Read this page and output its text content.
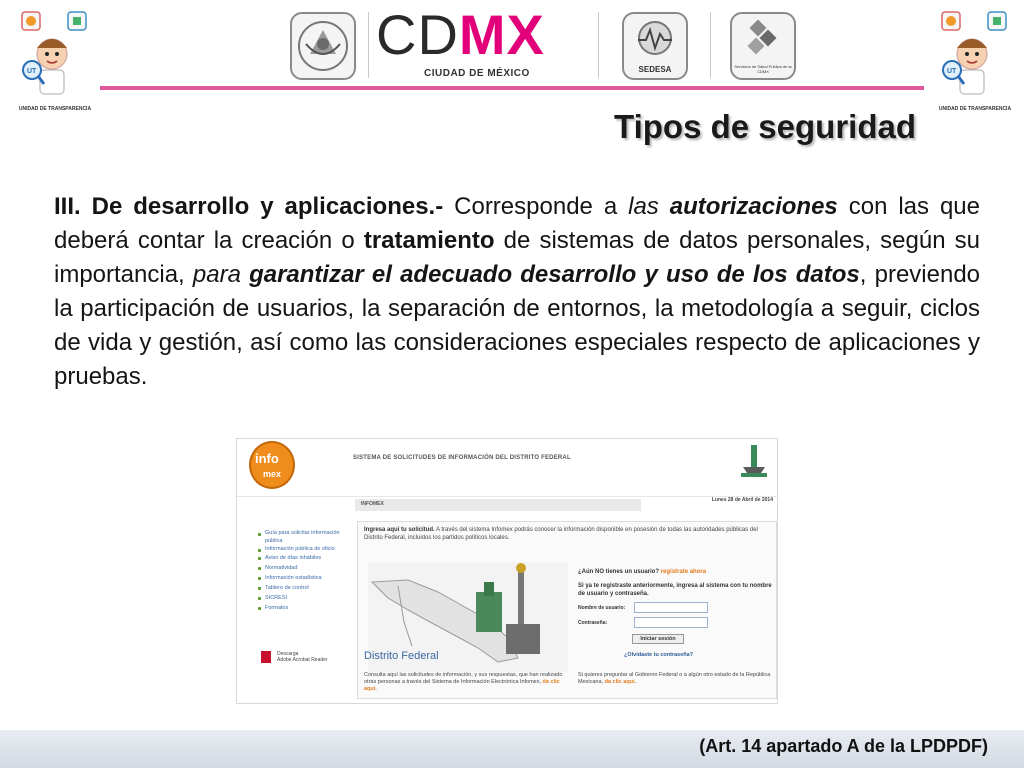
UT
UNIDAD DE TRANSPARENCIA
CDMX
CIUDAD DE MÉXICO	SEDESA	Servicios de Salud Pública de la CDMX	UT
UNIDAD DE TRANSPARENCIA
Tipos de seguridad

III. De desarrollo y aplicaciones.- Corresponde a las autorizaciones con las que deberá contar la creación o tratamiento de sistemas de datos personales, según su importancia, para garantizar el adecuado desarrollo y uso de los datos, previendo la participación de usuarios, la separación de entornos, la metodología a seguir, ciclos de vida y gestión, así como las consideraciones especiales respecto de aplicaciones y pruebas.

info
mex
SISTEMA DE SOLICITUDES DE INFORMACIÓN DEL DISTRITO FEDERAL
Lunes 28 de Abril de 2014
INFOMEX
Guía para solicitar información pública
Información pública de oficio
Aviso de días inhábiles
Normatividad
Información estadística
Tablero de control
SICRESI
Formatos
Descarga
Adobe Acrobat Reader
Ingresa aquí tu solicitud. A través del sistema Infomex podrás conocer la información disponible en posesión de todas las autoridades públicas del Distrito Federal, incluidos los partidos políticos locales.
Distrito Federal
¿Aún NO tienes un usuario? regístrate ahora
Si ya te registraste anteriormente, ingresa al sistema con tu nombre de usuario y contraseña.
Nombre de usuario:
Contraseña:
Iniciar sesión
¿Olvidaste tu contraseña?
Consulta aquí las solicitudes de información, y sus respuestas, que han realizado otras personas a través del Sistema de Información Electrónica Infomex, da clic aquí.
Si quieres preguntar al Gobierno Federal o a algún otro estado de la República Mexicana, da clic aquí.
(Art. 14 apartado A de la LPDPDF)
